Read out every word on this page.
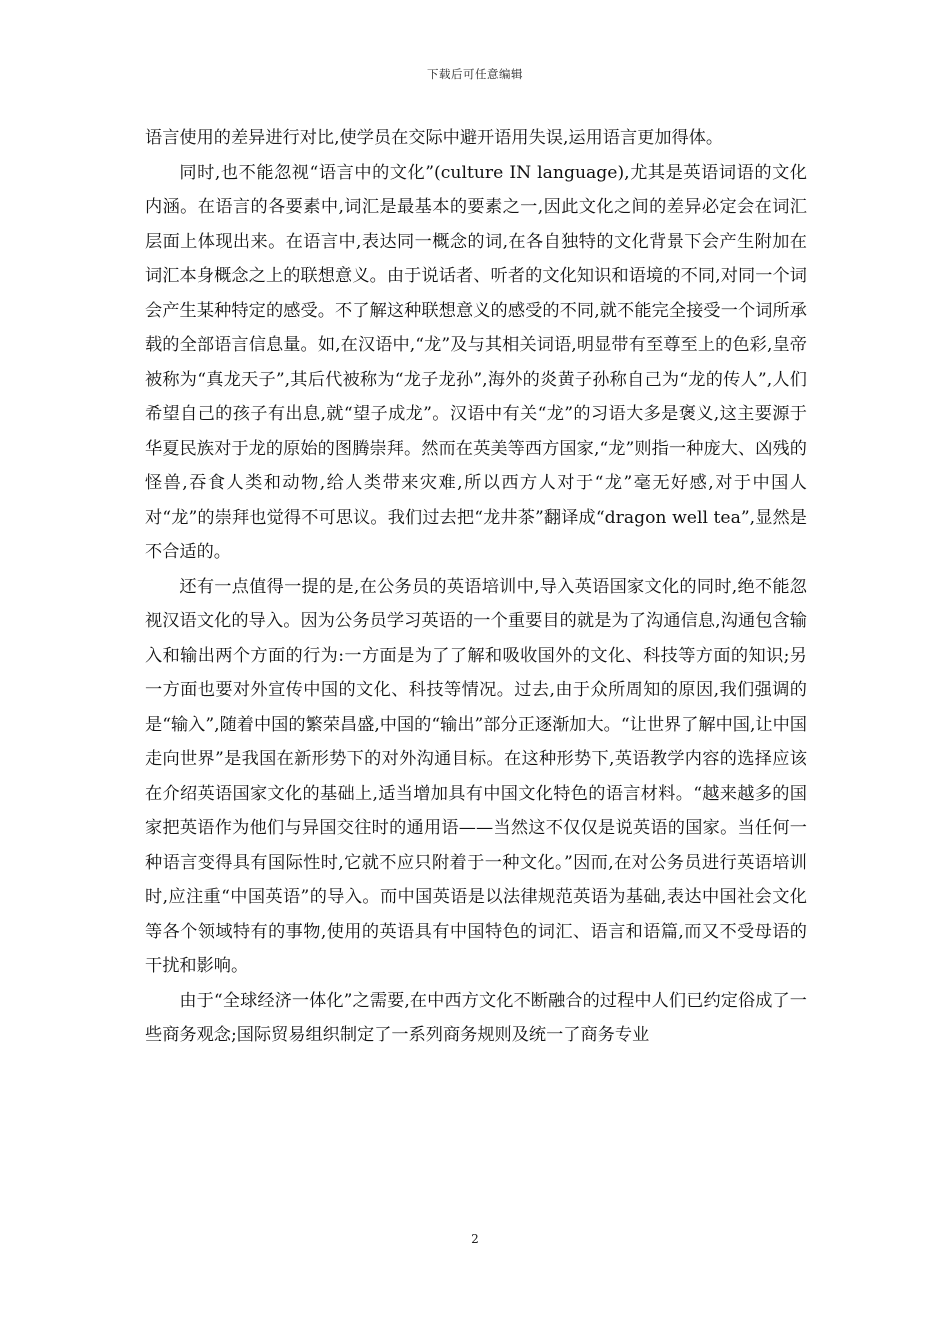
下载后可任意编辑

语言使用的差异进行对比,使学员在交际中避开语用失误,运用语言更加得体。

同时,也不能忽视“语言中的文化”(culture IN language),尤其是英语词语的文化内涵。在语言的各要素中,词汇是最基本的要素之一,因此文化之间的差异必定会在词汇层面上体现出来。在语言中,表达同一概念的词,在各自独特的文化背景下会产生附加在词汇本身概念之上的联想意义。由于说话者、听者的文化知识和语境的不同,对同一个词会产生某种特定的感受。不了解这种联想意义的感受的不同,就不能完全接受一个词所承载的全部语言信息量。如,在汉语中,“龙”及与其相关词语,明显带有至尊至上的色彩,皇帝被称为“真龙天子”,其后代被称为“龙子龙孙”,海外的炎黄子孙称自己为“龙的传人”,人们希望自己的孩子有出息,就“望子成龙”。汉语中有关“龙”的习语大多是褒义,这主要源于华夏民族对于龙的原始的图腾崇拜。然而在英美等西方国家,“龙”则指一种庞大、凶残的怪兽,吞食人类和动物,给人类带来灾难,所以西方人对于“龙”毫无好感,对于中国人对“龙”的崇拜也觉得不可思议。我们过去把“龙井茶”翻译成“dragon well tea”,显然是不合适的。

还有一点值得一提的是,在公务员的英语培训中,导入英语国家文化的同时,绝不能忽视汉语文化的导入。因为公务员学习英语的一个重要目的就是为了沟通信息,沟通包含输入和输出两个方面的行为:一方面是为了了解和吸收国外的文化、科技等方面的知识;另一方面也要对外宣传中国的文化、科技等情况。过去,由于众所周知的原因,我们强调的是“输入”,随着中国的繁荣昌盛,中国的“输出”部分正逐渐加大。“让世界了解中国,让中国走向世界”是我国在新形势下的对外沟通目标。在这种形势下,英语教学内容的选择应该在介绍英语国家文化的基础上,适当增加具有中国文化特色的语言材料。“越来越多的国家把英语作为他们与异国交往时的通用语——当然这不仅仅是说英语的国家。当任何一种语言变得具有国际性时,它就不应只附着于一种文化。”因而,在对公务员进行英语培训时,应注重“中国英语”的导入。而中国英语是以法律规范英语为基础,表达中国社会文化等各个领域特有的事物,使用的英语具有中国特色的词汇、语言和语篇,而又不受母语的干扰和影响。

由于“全球经济一体化”之需要,在中西方文化不断融合的过程中人们已约定俗成了一些商务观念;国际贸易组织制定了一系列商务规则及统一了商务专业

2
